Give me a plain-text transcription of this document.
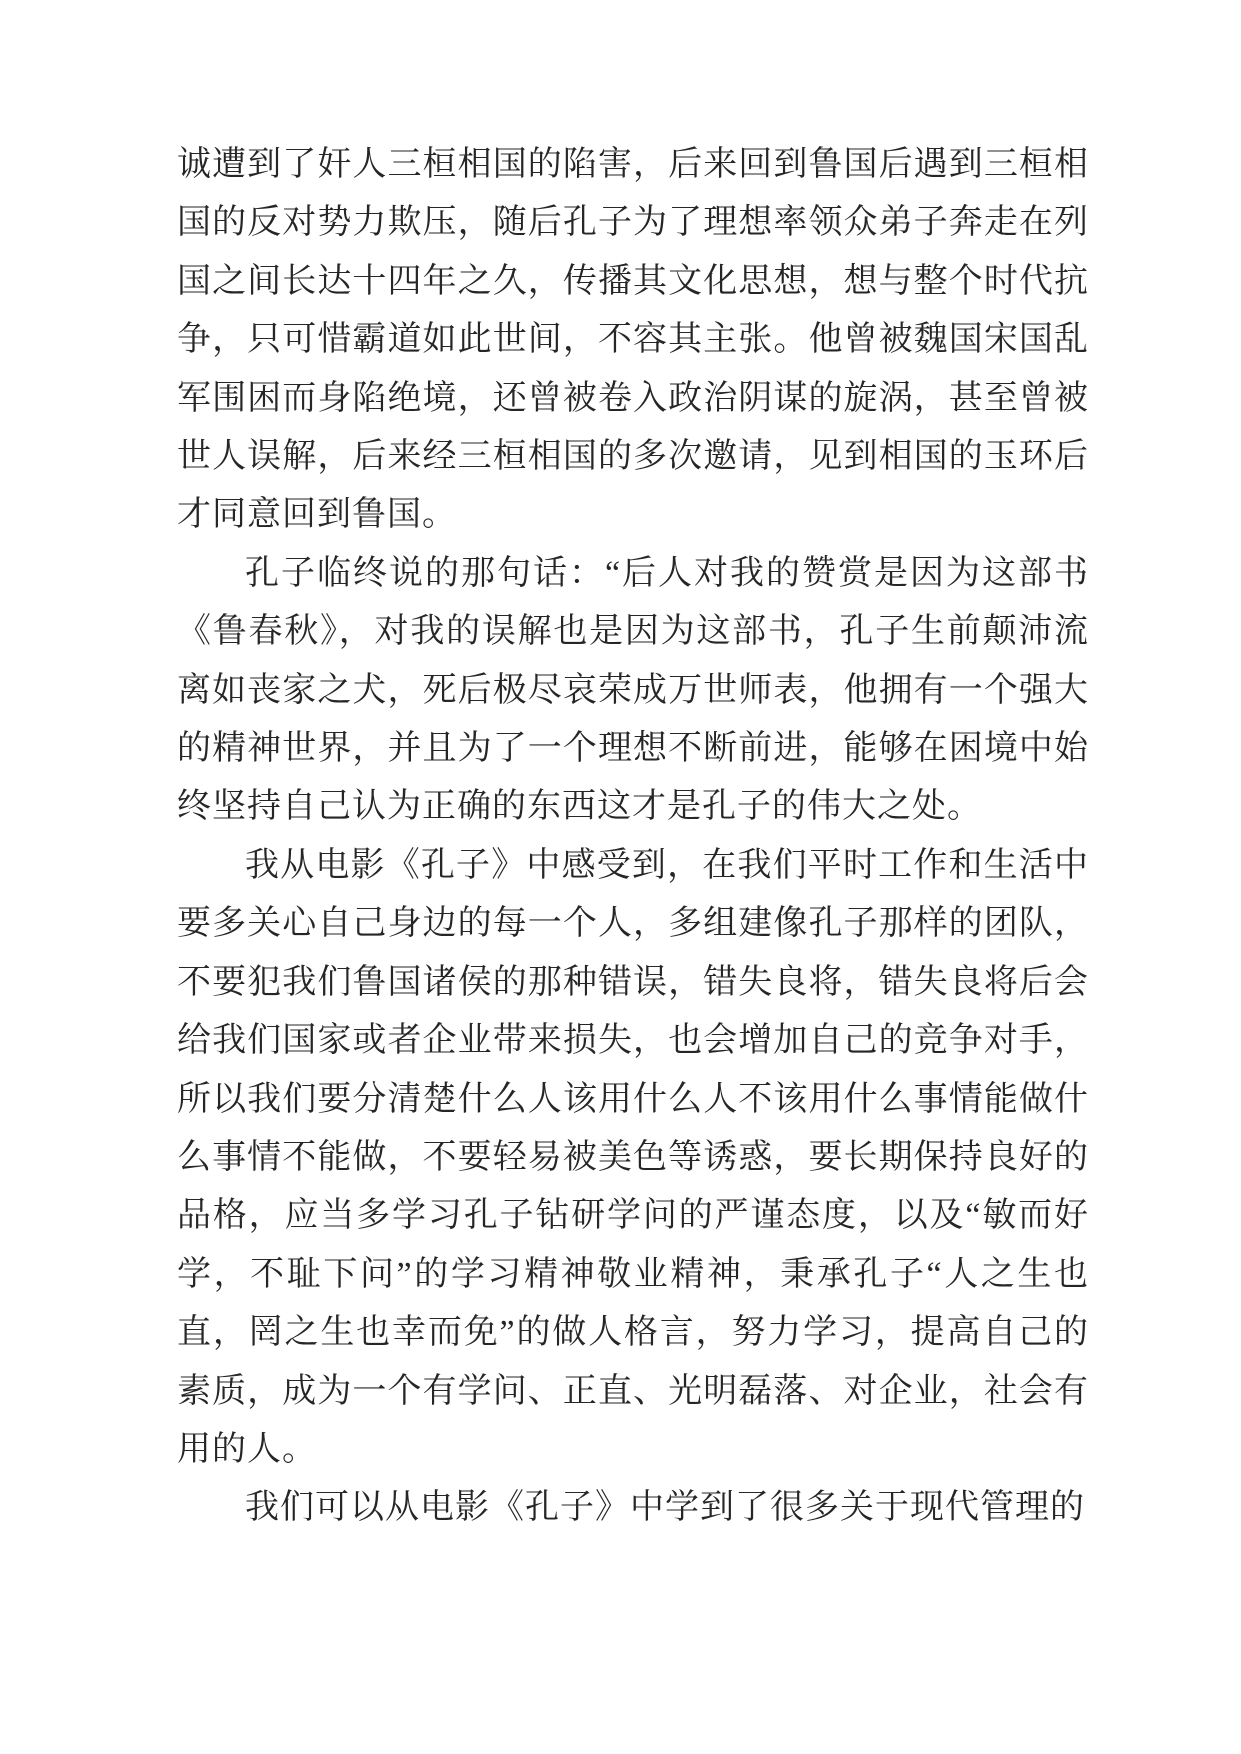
诚遭到了奸人三桓相国的陷害，后来回到鲁国后遇到三桓相国的反对势力欺压，随后孔子为了理想率领众弟子奔走在列国之间长达十四年之久，传播其文化思想，想与整个时代抗争，只可惜霸道如此世间，不容其主张。他曾被魏国宋国乱军围困而身陷绝境，还曾被卷入政治阴谋的旋涡，甚至曾被世人误解，后来经三桓相国的多次邀请，见到相国的玉环后才同意回到鲁国。

孔子临终说的那句话：“后人对我的赞赏是因为这部书《鲁春秋》，对我的误解也是因为这部书，孔子生前颠沛流离如丧家之犬，死后极尽哀荣成万世师表，他拥有一个强大的精神世界，并且为了一个理想不断前进，能够在困境中始终坚持自己认为正确的东西这才是孔子的伟大之处。

我从电影《孔子》中感受到，在我们平时工作和生活中要多关心自己身边的每一个人，多组建像孔子那样的团队，不要犯我们鲁国诸侯的那种错误，错失良将，错失良将后会给我们国家或者企业带来损失，也会增加自己的竞争对手，所以我们要分清楚什么人该用什么人不该用什么事情能做什么事情不能做，不要轻易被美色等诱惑，要长期保持良好的品格，应当多学习孔子钻研学问的严谨态度，以及“敏而好学，不耻下问”的学习精神敬业精神，秉承孔子“人之生也直，罔之生也幸而免”的做人格言，努力学习，提高自己的素质，成为一个有学问、正直、光明磊落、对企业，社会有用的人。

我们可以从电影《孔子》中学到了很多关于现代管理的
